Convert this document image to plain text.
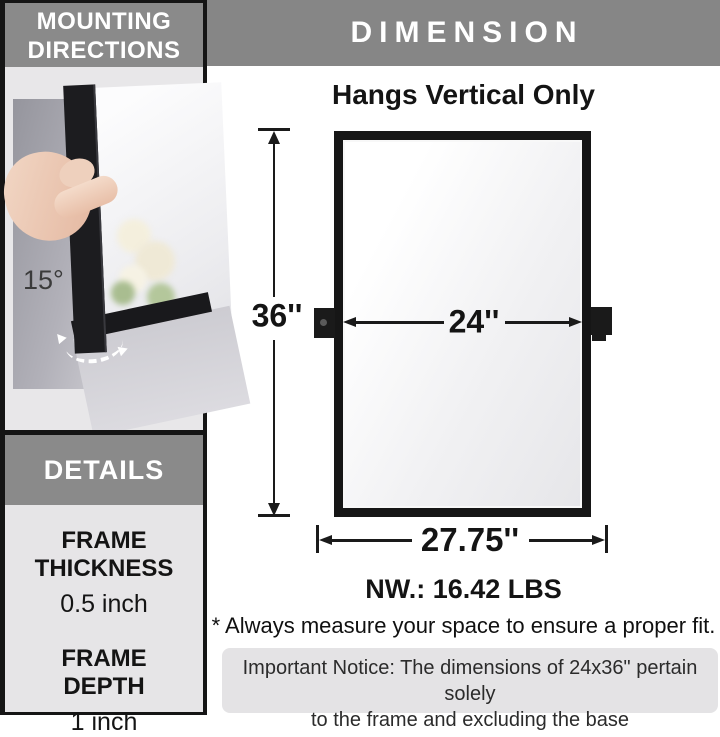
MOUNTING
DIRECTIONS
15°
DETAILS
FRAME THICKNESS
0.5 inch
FRAME DEPTH
1 inch
DIMENSION
Hangs Vertical Only
36''	24''
27.75''
NW.: 16.42 LBS
* Always measure your space to ensure a proper fit.
Important Notice: The dimensions of 24x36" pertain solely
to the frame and excluding the base
